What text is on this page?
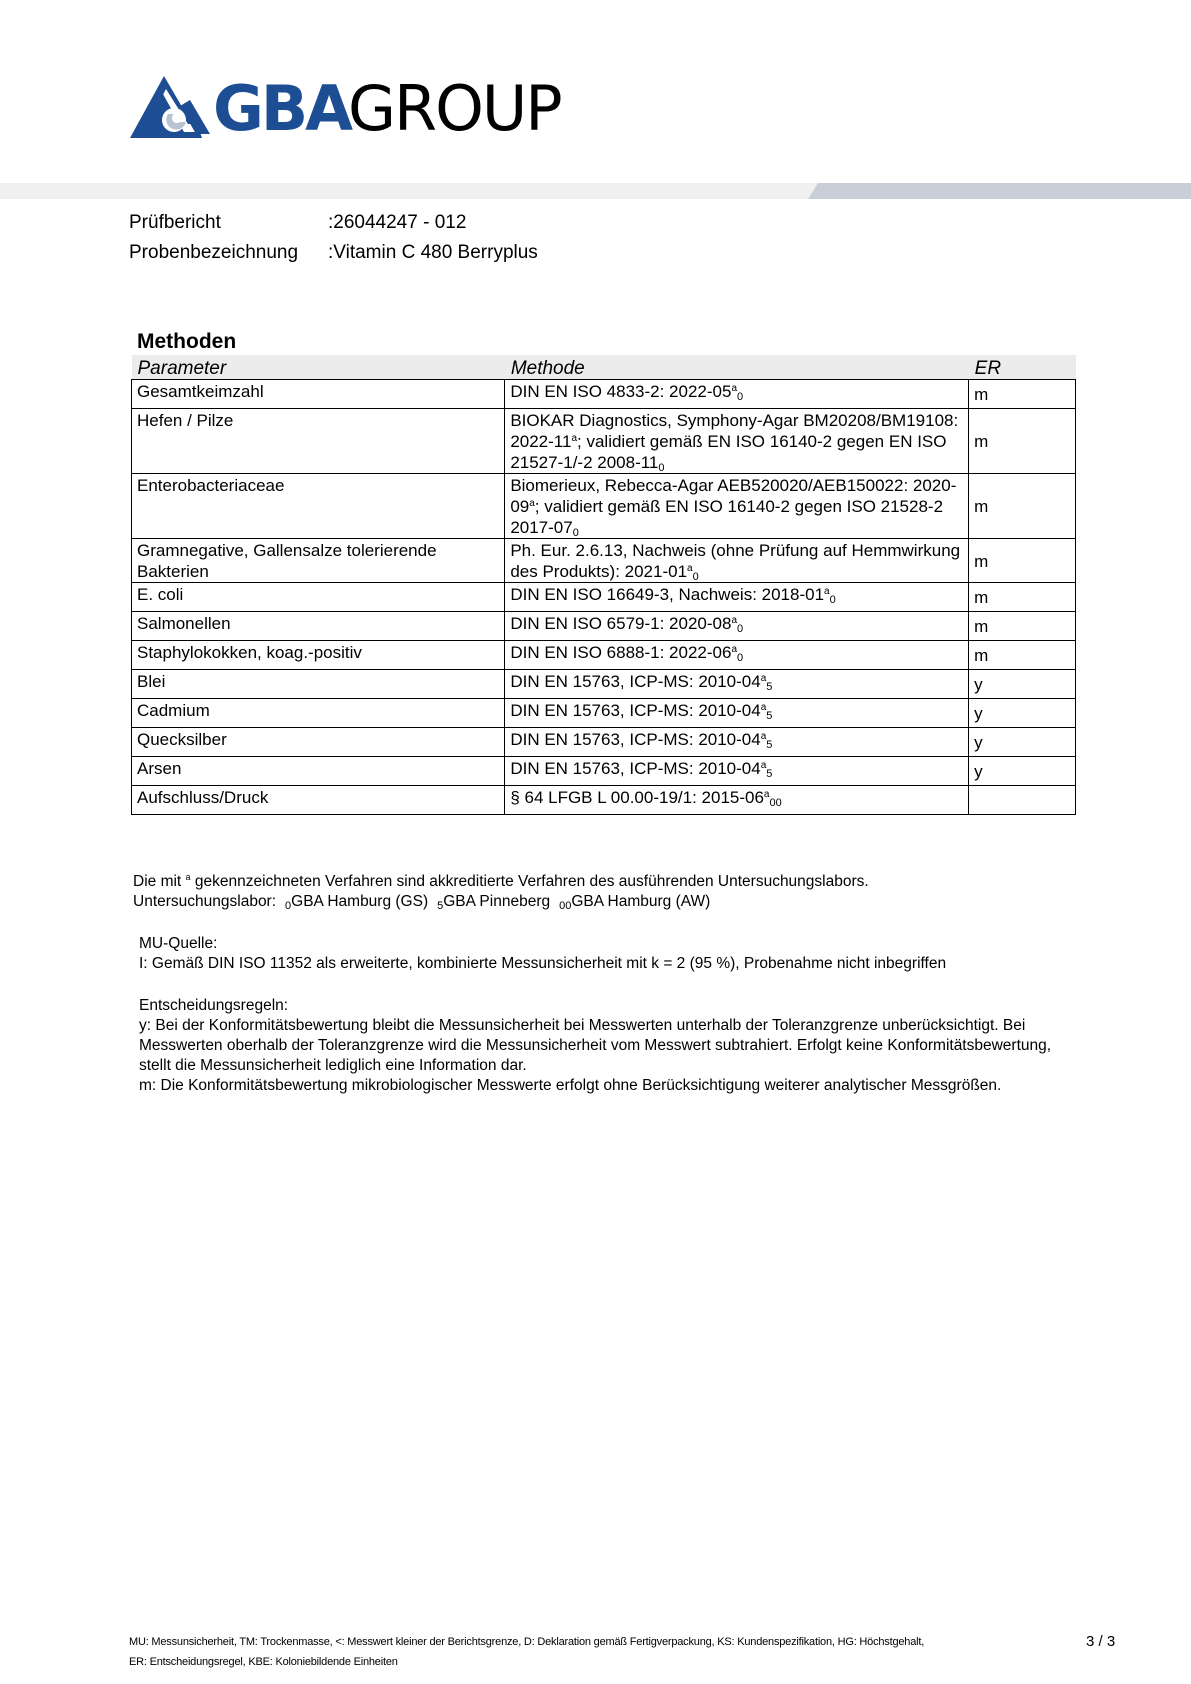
GBA
GROUP
Prüfbericht	:26044247 - 012
Probenbezeichnung	:Vitamin C 480 Berryplus
Methoden
Parameter	Methode	ER
Gesamtkeimzahl	DIN EN ISO 4833-2: $2022-05^a_0$	m
Hefen / Pilze	BIOKAR Diagnostics, Symphony-Agar BM20208/BM19108: 2022-11$^a$; validiert gemäß EN ISO 16140-2 gegen EN ISO 21527-1/-2 $2008-11_0$	m
Enterobacteriaceae	Biomerieux, Rebecca-Agar AEB520020/AEB150022: 2020-09$^a$; validiert gemäß EN ISO 16140-2 gegen ISO 21528-2 $2017-07_0$	m
Gramnegative, Gallensalze tolerierende Bakterien	Ph. Eur. 2.6.13, Nachweis (ohne Prüfung auf Hemmwirkung des Produkts): $2021-01^a_0$	m
E. coli	DIN EN ISO 16649-3, Nachweis: $2018-01^a_0$	m
Salmonellen	DIN EN ISO 6579-1: $2020-08^a_0$	m
Staphylokokken, koag.-positiv	DIN EN ISO 6888-1: $2022-06^a_0$	m
Blei	DIN EN 15763, ICP-MS: $2010-04^a_5$	y
Cadmium	DIN EN 15763, ICP-MS: $2010-04^a_5$	y
Quecksilber	DIN EN 15763, ICP-MS: $2010-04^a_5$	y
Arsen	DIN EN 15763, ICP-MS: $2010-04^a_5$	y
Aufschluss/Druck	§ 64 LFGB L 00.00-19/1: $2015-06^a_{00}$	

Die mit $^a$ gekennzeichneten Verfahren sind akkreditierte Verfahren des ausführenden Untersuchungslabors.

Untersuchungslabor: $_0$GBA Hamburg (GS) $_5$GBA Pinneberg $_{00}$GBA Hamburg (AW)

MU-Quelle:

I: Gemäß DIN ISO 11352 als erweiterte, kombinierte Messunsicherheit mit k = 2 (95 %), Probenahme nicht inbegriffen

Entscheidungsregeln:

y: Bei der Konformitätsbewertung bleibt die Messunsicherheit bei Messwerten unterhalb der Toleranzgrenze unberücksichtigt. Bei Messwerten oberhalb der Toleranzgrenze wird die Messunsicherheit vom Messwert subtrahiert. Erfolgt keine Konformitätsbewertung, stellt die Messunsicherheit lediglich eine Information dar.

m: Die Konformitätsbewertung mikrobiologischer Messwerte erfolgt ohne Berücksichtigung weiterer analytischer Messgrößen.

MU: Messunsicherheit, TM: Trockenmasse, <: Messwert kleiner der Berichtsgrenze, D: Deklaration gemäß Fertigverpackung, KS: Kundenspezifikation, HG: Höchstgehalt,

ER: Entscheidungsregel, KBE: Koloniebildende Einheiten

3 / 3
